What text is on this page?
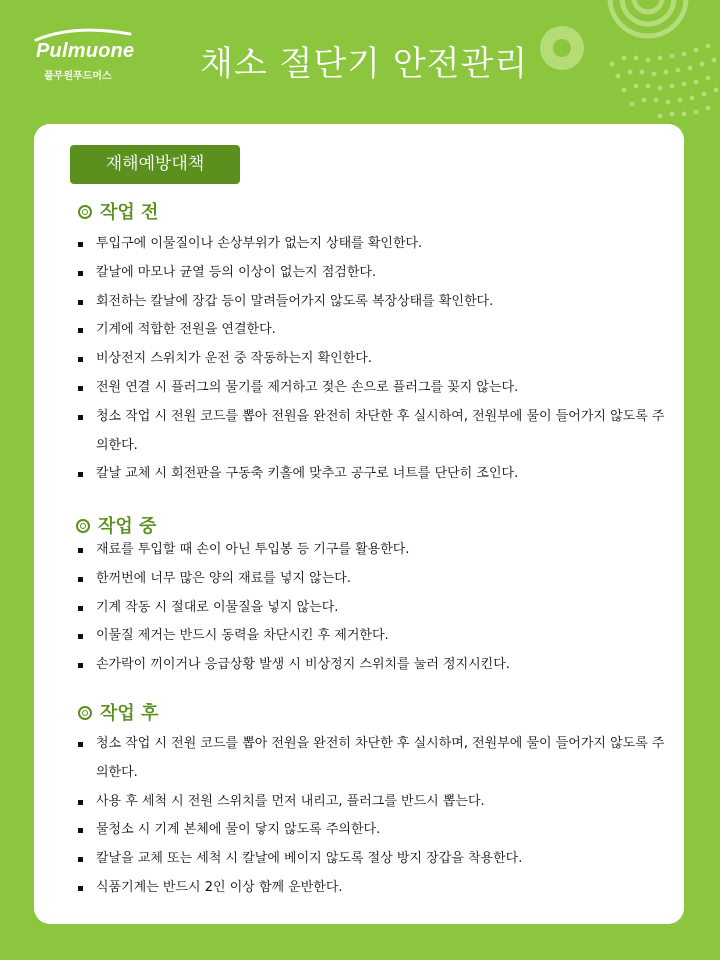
Pulmuone
풀무원푸드머스	채소 절단기 안전관리
재해예방대책
작업 전
투입구에 이물질이나 손상부위가 없는지 상태를 확인한다.
칼날에 마모나 균열 등의 이상이 없는지 점검한다.
회전하는 칼날에 장갑 등이 말려들어가지 않도록 복장상태를 확인한다.
기계에 적합한 전원을 연결한다.
비상전지 스위치가 운전 중 작동하는지 확인한다.
전원 연결 시 플러그의 물기를 제거하고 젖은 손으로 플러그를 꽂지 않는다.
청소 작업 시 전원 코드를 뽑아 전원을 완전히 차단한 후 실시하여, 전원부에 물이 들어가지 않도록 주의한다.
칼날 교체 시 회전판을 구동축 키홀에 맞추고 공구로 너트를 단단히 조인다.
작업 중
재료를 투입할 때 손이 아닌 투입봉 등 기구를 활용한다.
한꺼번에 너무 많은 양의 재료를 넣지 않는다.
기계 작동 시 절대로 이물질을 넣지 않는다.
이물질 제거는 반드시 동력을 차단시킨 후 제거한다.
손가락이 끼이거나 응급상황 발생 시 비상정지 스위치를 눌러 정지시킨다.
작업 후
청소 작업 시 전원 코드를 뽑아 전원을 완전히 차단한 후 실시하며, 전원부에 물이 들어가지 않도록 주의한다.
사용 후 세척 시 전원 스위치를 먼저 내리고, 플러그를 반드시 뽑는다.
물청소 시 기계 본체에 물이 닿지 않도록 주의한다.
칼날을 교체 또는 세척 시 칼날에 베이지 않도록 절상 방지 장갑을 착용한다.
식품기계는 반드시 2인 이상 함께 운반한다.
